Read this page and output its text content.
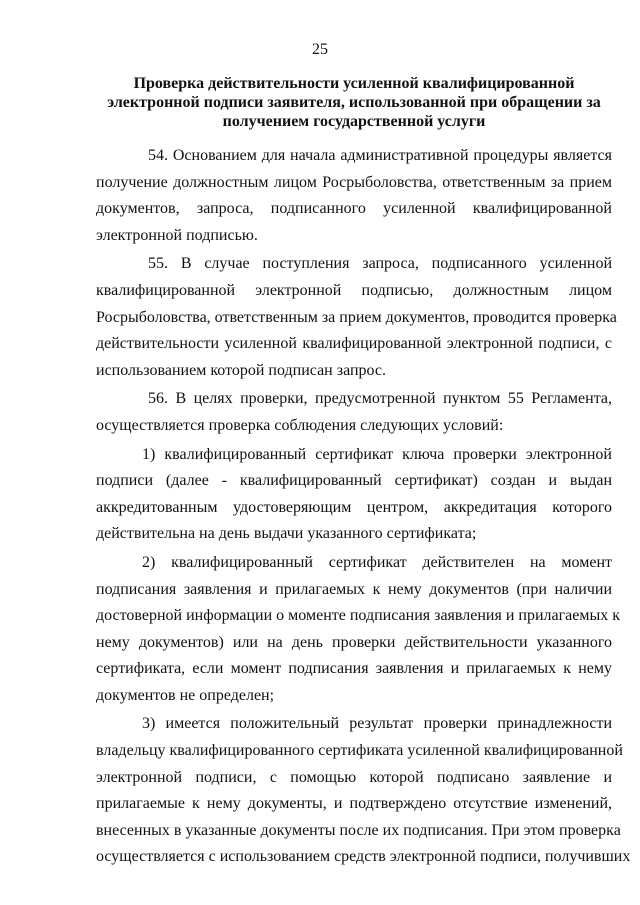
25
Проверка действительности усиленной квалифицированной
электронной подписи заявителя, использованной при обращении за
получением государственной услуги
54. Основанием для начала административной процедуры является
получение должностным лицом Росрыболовства, ответственным за прием
документов, запроса, подписанного усиленной квалифицированной
электронной подписью.
55. В случае поступления запроса, подписанного усиленной
квалифицированной электронной подписью, должностным лицом
Росрыболовства, ответственным за прием документов, проводится проверка
действительности усиленной квалифицированной электронной подписи, с
использованием которой подписан запрос.
56. В целях проверки, предусмотренной пунктом 55 Регламента,
осуществляется проверка соблюдения следующих условий:
1) квалифицированный сертификат ключа проверки электронной
подписи (далее - квалифицированный сертификат) создан и выдан
аккредитованным удостоверяющим центром, аккредитация которого
действительна на день выдачи указанного сертификата;
2) квалифицированный сертификат действителен на момент
подписания заявления и прилагаемых к нему документов (при наличии
достоверной информации о моменте подписания заявления и прилагаемых к
нему документов) или на день проверки действительности указанного
сертификата, если момент подписания заявления и прилагаемых к нему
документов не определен;
3) имеется положительный результат проверки принадлежности
владельцу квалифицированного сертификата усиленной квалифицированной
электронной подписи, с помощью которой подписано заявление и
прилагаемые к нему документы, и подтверждено отсутствие изменений,
внесенных в указанные документы после их подписания. При этом проверка
осуществляется с использованием средств электронной подписи, получивших
